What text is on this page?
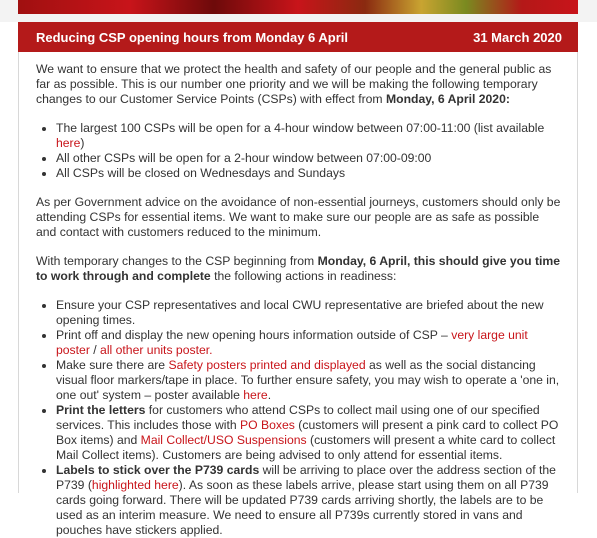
Reducing CSP opening hours from Monday 6 April	31 March 2020

We want to ensure that we protect the health and safety of our people and the general public as far as possible. This is our number one priority and we will be making the following temporary changes to our Customer Service Points (CSPs) with effect from Monday, 6 April 2020:

• The largest 100 CSPs will be open for a 4-hour window between 07:00-11:00 (list available here)
• All other CSPs will be open for a 2-hour window between 07:00-09:00
• All CSPs will be closed on Wednesdays and Sundays

As per Government advice on the avoidance of non-essential journeys, customers should only be attending CSPs for essential items. We want to make sure our people are as safe as possible and contact with customers reduced to the minimum.

With temporary changes to the CSP beginning from Monday, 6 April, this should give you time to work through and complete the following actions in readiness:

• Ensure your CSP representatives and local CWU representative are briefed about the new opening times.
• Print off and display the new opening hours information outside of CSP – very large unit poster / all other units poster.
• Make sure there are Safety posters printed and displayed as well as the social distancing visual floor markers/tape in place. To further ensure safety, you may wish to operate a 'one in, one out' system – poster available here.
• Print the letters for customers who attend CSPs to collect mail using one of our specified services. This includes those with PO Boxes (customers will present a pink card to collect PO Box items) and Mail Collect/USO Suspensions (customers will present a white card to collect Mail Collect items). Customers are being advised to only attend for essential items.
• Labels to stick over the P739 cards will be arriving to place over the address section of the P739 (highlighted here). As soon as these labels arrive, please start using them on all P739 cards going forward. There will be updated P739 cards arriving shortly, the labels are to be used as an interim measure. We need to ensure all P739s currently stored in vans and pouches have stickers applied.
